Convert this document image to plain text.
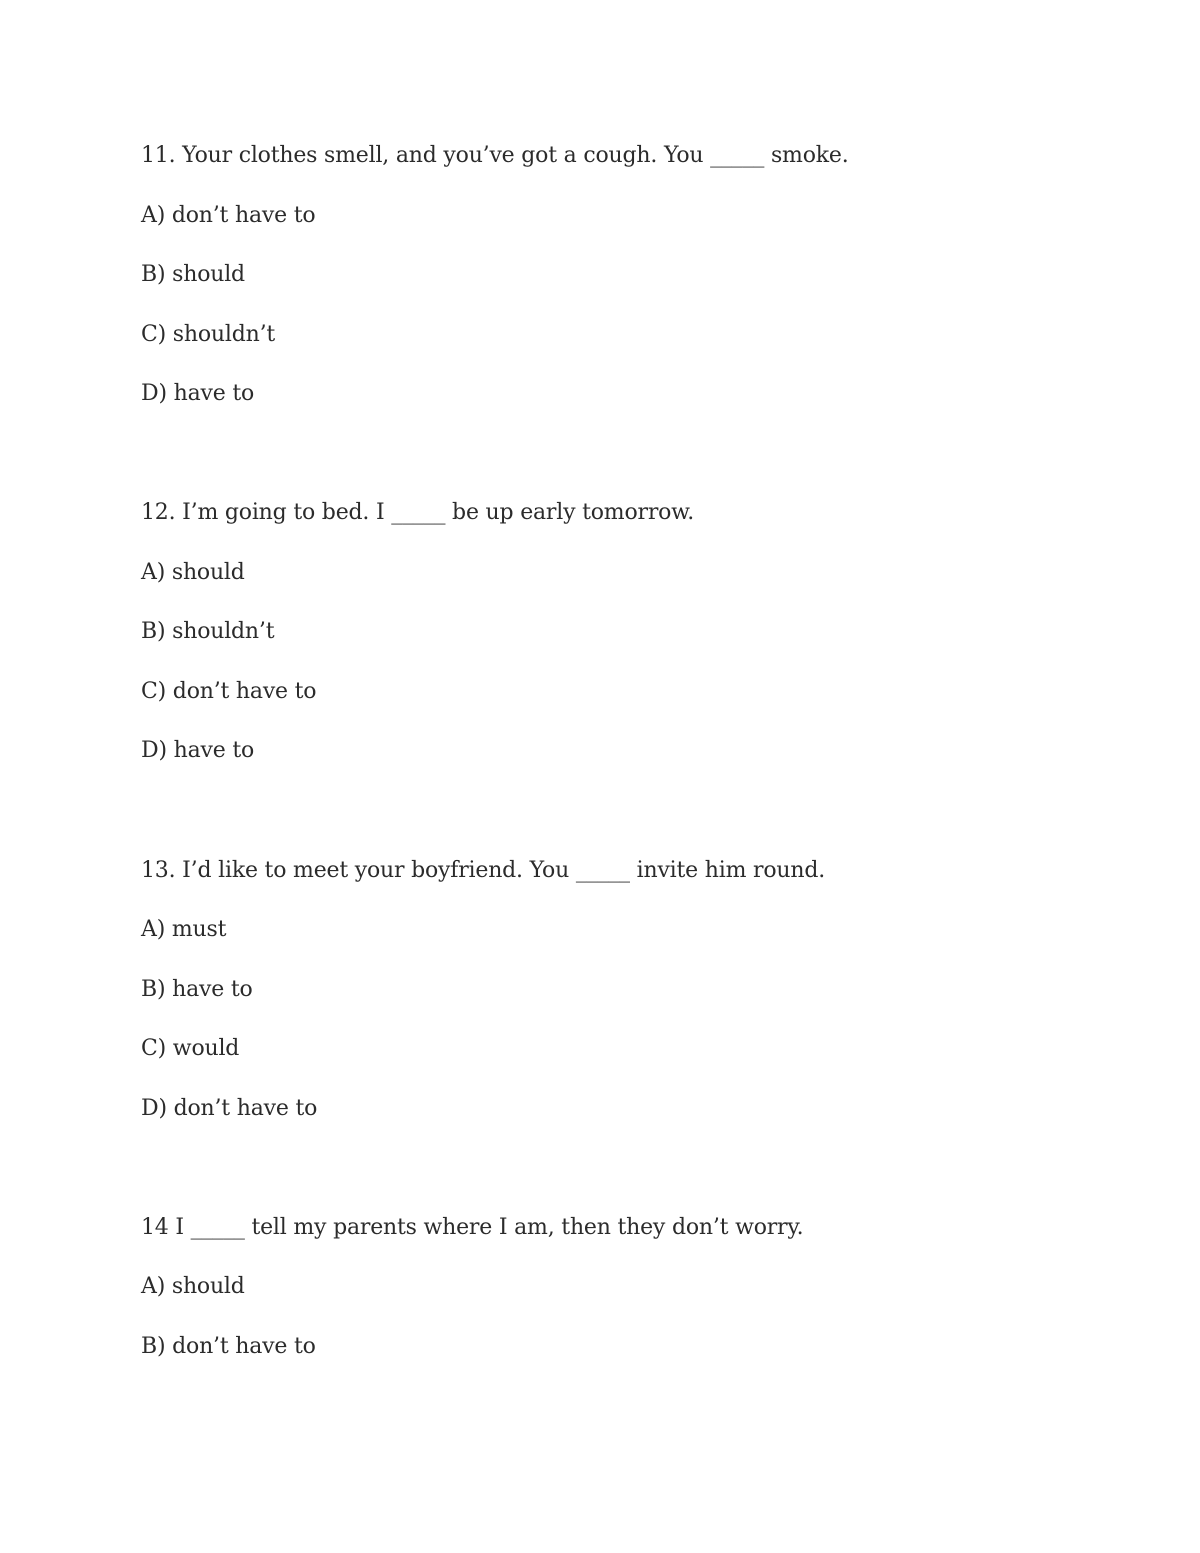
11. Your clothes smell, and you’ve got a cough. You _____ smoke.

A) don’t have to

B) should

C) shouldn’t

D) have to

12. I’m going to bed. I _____ be up early tomorrow.

A) should

B) shouldn’t

C) don’t have to

D) have to

13. I’d like to meet your boyfriend. You _____ invite him round.

A) must

B) have to

C) would

D) don’t have to

14 I _____ tell my parents where I am, then they don’t worry.

A) should

B) don’t have to
